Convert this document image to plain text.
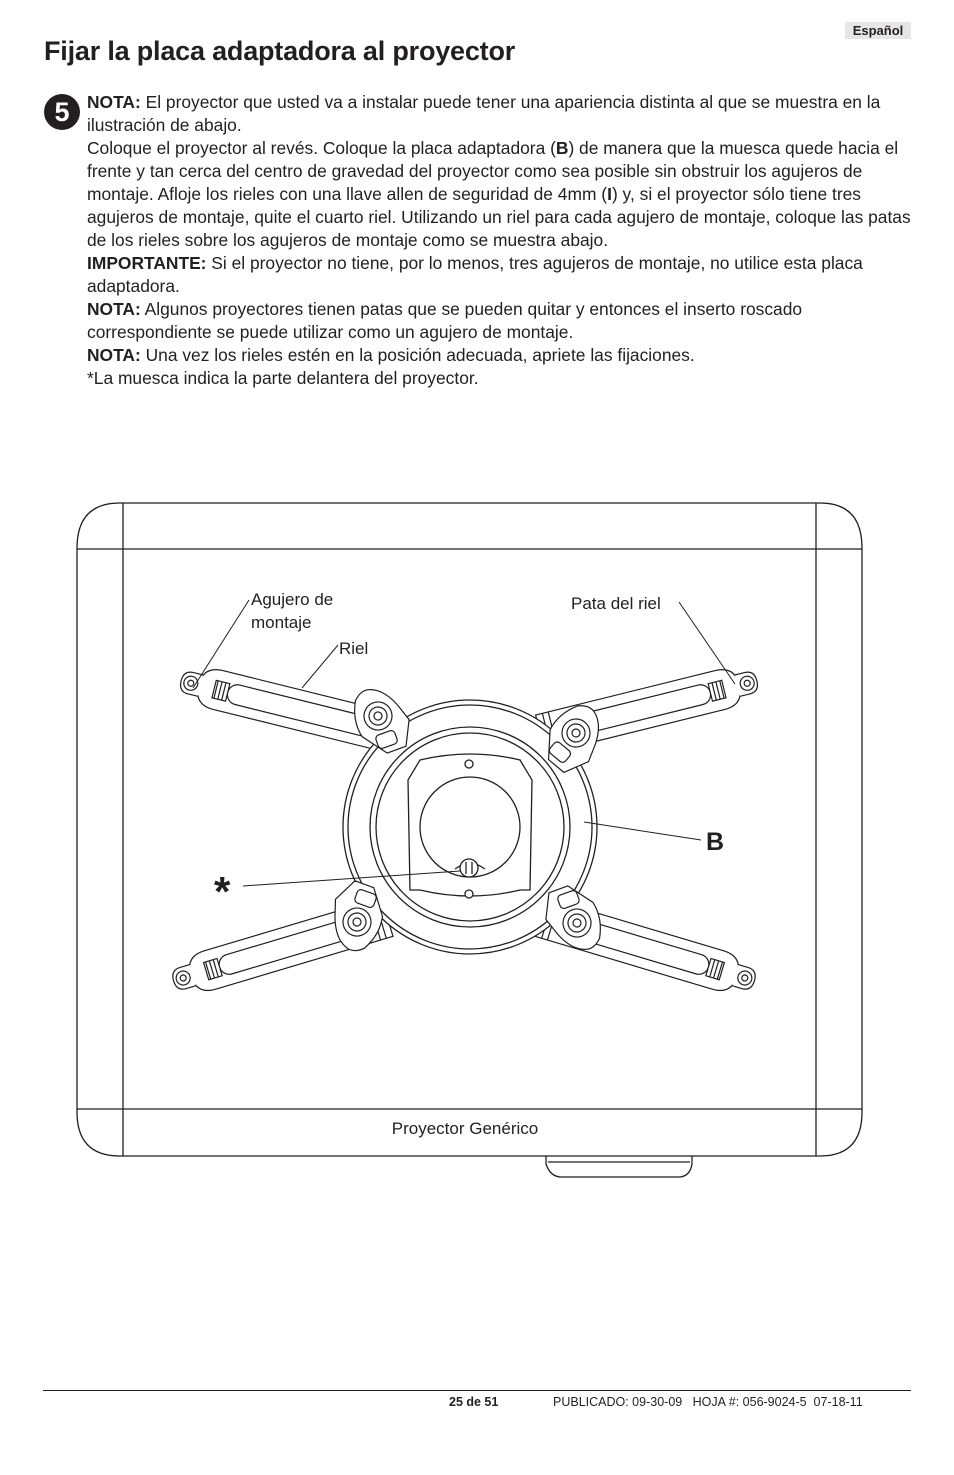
Español
Fijar la placa adaptadora al proyector
5	NOTA: El proyector que usted va a instalar puede tener una apariencia distinta al que se muestra en la ilustración de abajo.

Coloque el proyector al revés. Coloque la placa adaptadora (B) de manera que la muesca quede hacia el frente y tan cerca del centro de gravedad del proyector como sea posible sin obstruir los agujeros de montaje. Afloje los rieles con una llave allen de seguridad de 4mm (I) y, si el proyector sólo tiene tres agujeros de montaje, quite el cuarto riel. Utilizando un riel para cada agujero de montaje, coloque las patas de los rieles sobre los agujeros de montaje como se muestra abajo.

IMPORTANTE: Si el proyector no tiene, por lo menos, tres agujeros de montaje, no utilice esta placa adaptadora.

NOTA: Algunos proyectores tienen patas que se pueden quitar y entonces el inserto roscado correspondiente se puede utilizar como un agujero de montaje.

NOTA: Una vez los rieles estén en la posición adecuada, apriete las fijaciones.

*La muesca indica la parte delantera del proyector.

Agujero de
montaje
Riel
Pata del riel
B
*
Proyector Genérico
25 de 51	PUBLICADO: 09-30-09   HOJA #: 056-9024-5  07-18-11
